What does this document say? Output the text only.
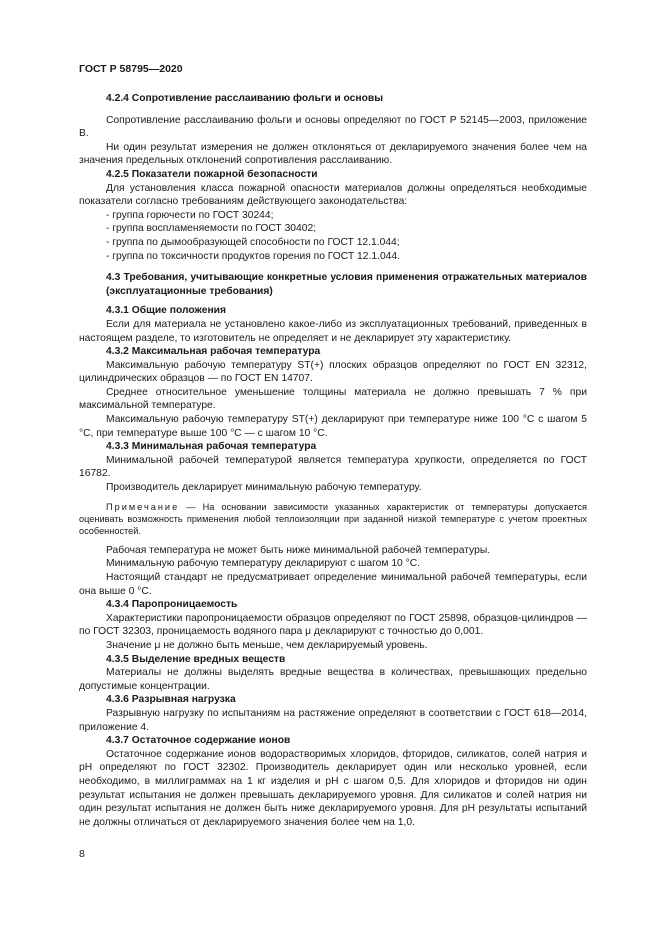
ГОСТ Р 58795—2020

4.2.4 Сопротивление расслаиванию фольги и основы

Сопротивление расслаиванию фольги и основы определяют по ГОСТ Р 52145—2003, приложение В.

Ни один результат измерения не должен отклоняться от декларируемого значения более чем на значения предельных отклонений сопротивления расслаиванию.

4.2.5 Показатели пожарной безопасности

Для установления класса пожарной опасности материалов должны определяться необходимые показатели согласно требованиям действующего законодательства:

- группа горючести по ГОСТ 30244;

- группа воспламеняемости по ГОСТ 30402;

- группа по дымообразующей способности по ГОСТ 12.1.044;

- группа по токсичности продуктов горения по ГОСТ 12.1.044.

4.3 Требования, учитывающие конкретные условия применения отражательных материалов (эксплуатационные требования)

4.3.1 Общие положения

Если для материала не установлено какое-либо из эксплуатационных требований, приведенных в настоящем разделе, то изготовитель не определяет и не декларирует эту характеристику.

4.3.2 Максимальная рабочая температура

Максимальную рабочую температуру ST(+) плоских образцов определяют по ГОСТ EN 32312, цилиндрических образцов — по ГОСТ EN 14707.

Среднее относительное уменьшение толщины материала не должно превышать 7 % при максимальной температуре.

Максимальную рабочую температуру ST(+) декларируют при температуре ниже 100 °С с шагом 5 °С, при температуре выше 100 °С — с шагом 10 °С.

4.3.3 Минимальная рабочая температура

Минимальной рабочей температурой является температура хрупкости, определяется по ГОСТ 16782.

Производитель декларирует минимальную рабочую температуру.

Примечание — На основании зависимости указанных характеристик от температуры допускается оценивать возможность применения любой теплоизоляции при заданной низкой температуре с учетом проектных особенностей.

Рабочая температура не может быть ниже минимальной рабочей температуры.

Минимальную рабочую температуру декларируют с шагом 10 °С.

Настоящий стандарт не предусматривает определение минимальной рабочей температуры, если она выше 0 °С.

4.3.4 Паропроницаемость

Характеристики паропроницаемости образцов определяют по ГОСТ 25898, образцов-цилиндров — по ГОСТ 32303, проницаемость водяного пара μ декларируют с точностью до 0,001.

Значение μ не должно быть меньше, чем декларируемый уровень.

4.3.5 Выделение вредных веществ

Материалы не должны выделять вредные вещества в количествах, превышающих предельно допустимые концентрации.

4.3.6 Разрывная нагрузка

Разрывную нагрузку по испытаниям на растяжение определяют в соответствии с ГОСТ 618—2014, приложение 4.

4.3.7 Остаточное содержание ионов

Остаточное содержание ионов водорастворимых хлоридов, фторидов, силикатов, солей натрия и рН определяют по ГОСТ 32302. Производитель декларирует один или несколько уровней, если необходимо, в миллиграммах на 1 кг изделия и рН с шагом 0,5. Для хлоридов и фторидов ни один результат испытания не должен превышать декларируемого уровня. Для силикатов и солей натрия ни один результат испытания не должен быть ниже декларируемого уровня. Для рН результаты испытаний не должны отличаться от декларируемого значения более чем на 1,0.

8
